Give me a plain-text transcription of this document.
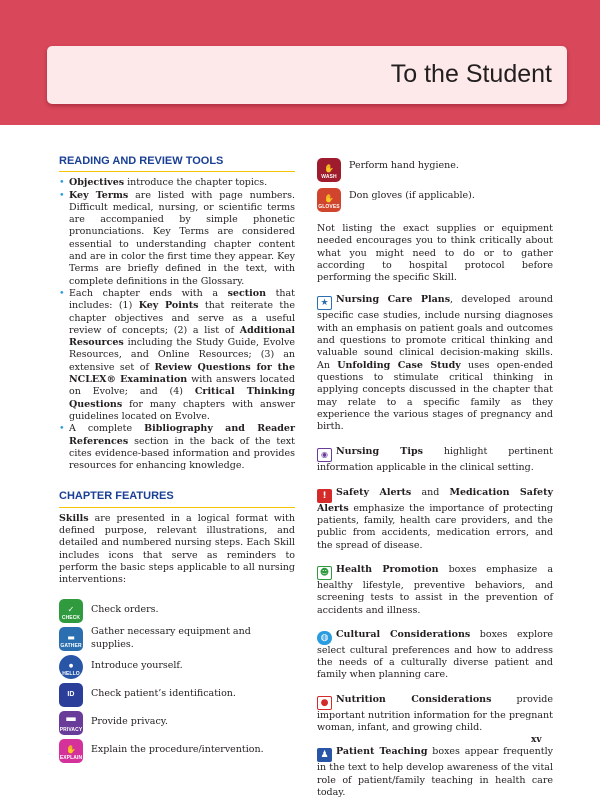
To the Student
READING AND REVIEW TOOLS
• Objectives introduce the chapter topics.
• Key Terms are listed with page numbers. Difficult medical, nursing, or scientific terms are accompanied by simple phonetic pronunciations. Key Terms are considered essential to understanding chapter content and are in color the first time they appear. Key Terms are briefly defined in the text, with complete definitions in the Glossary.
• Each chapter ends with a section that includes: (1) Key Points that reiterate the chapter objectives and serve as a useful review of concepts; (2) a list of Additional Resources including the Study Guide, Evolve Resources, and Online Resources; (3) an extensive set of Review Questions for the NCLEX® Examination with answers located on Evolve; and (4) Critical Thinking Questions for many chapters with answer guidelines located on Evolve.
• A complete Bibliography and Reader References section in the back of the text cites evidence-based information and provides resources for enhancing knowledge.
CHAPTER FEATURES

Skills are presented in a logical format with defined purpose, relevant illustrations, and detailed and numbered nursing steps. Each Skill includes icons that serve as reminders to perform the basic steps applicable to all nursing interventions:

✓
CHECK
Check orders.
▬
GATHER
Gather necessary equipment and supplies.
●
HELLO
Introduce yourself.
ID Check patient’s identification.
▀▀
PRIVACY
Provide privacy.
✋
EXPLAIN
Explain the procedure/intervention.
✋
WASH
Perform hand hygiene.
✋
GLOVES
Don gloves (if applicable).

Not listing the exact supplies or equipment needed encourages you to think critically about what you might need to do or to gather according to hospital protocol before performing the specific Skill.

★ Nursing Care Plans, developed around specific case studies, include nursing diagnoses with an emphasis on patient goals and outcomes and questions to promote critical thinking and valuable sound clinical decision-making skills. An Unfolding Case Study uses open-ended questions to stimulate critical thinking in applying concepts discussed in the chapter that may relate to a specific family as they experience the various stages of pregnancy and birth.

◉ Nursing Tips highlight pertinent information applicable in the clinical setting.

! Safety Alerts and Medication Safety Alerts emphasize the importance of protecting patients, family, health care providers, and the public from accidents, medication errors, and the spread of disease.

☻ Health Promotion boxes emphasize a healthy lifestyle, preventive behaviors, and screening tests to assist in the prevention of accidents and illness.

◍ Cultural Considerations boxes explore select cultural preferences and how to address the needs of a culturally diverse patient and family when planning care.

● Nutrition Considerations provide important nutrition information for the pregnant woman, infant, and growing child.

♟ Patient Teaching boxes appear frequently in the text to help develop awareness of the vital role of patient/family teaching in health care today.

xv
